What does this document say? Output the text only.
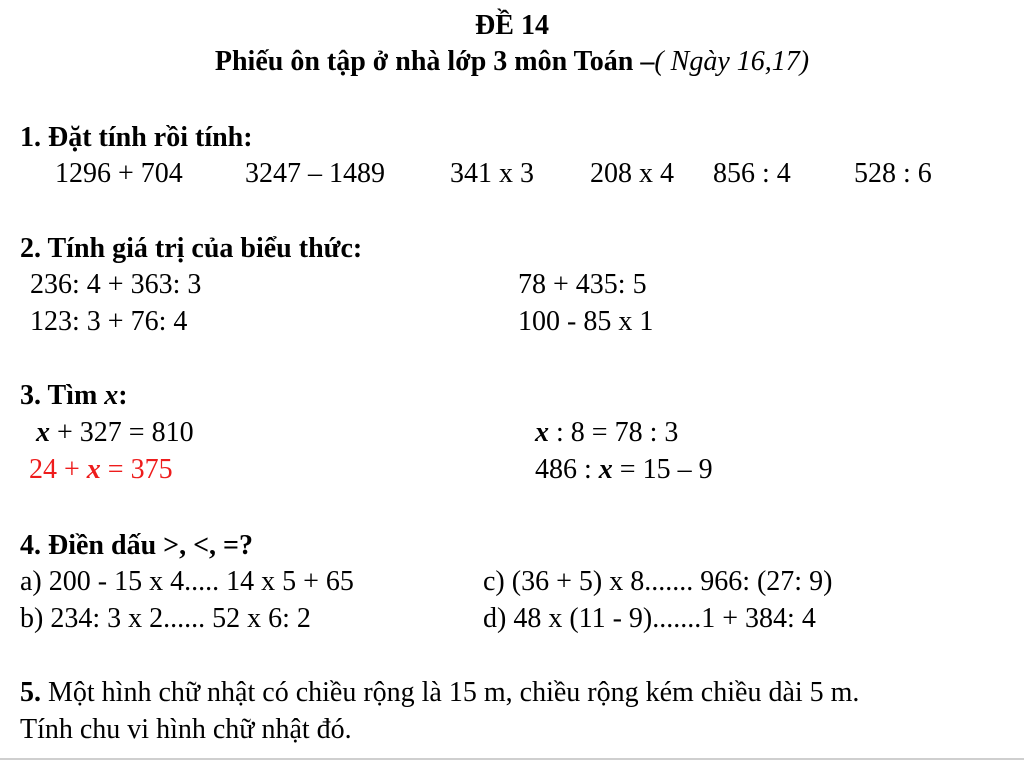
ĐỀ 14
Phiếu ôn tập ở nhà lớp 3 môn Toán –( Ngày 16,17)
1. Đặt tính rồi tính:
1296 + 704 3247 – 1489 341 x 3 208 x 4 856 : 4 528 : 6
2. Tính giá trị của biểu thức:
236: 4 + 363: 3
123: 3 + 76: 4
78 + 435: 5
100 - 85 x 1
3. Tìm x:
x + 327 = 810
24 + x = 375
x : 8 = 78 : 3
486 : x = 15 – 9
4. Điền dấu >, <, =?
a) 200 - 15 x 4..... 14 x 5 + 65
b) 234: 3 x 2...... 52 x 6: 2
c) (36 + 5) x 8....... 966: (27: 9)
d) 48 x (11 - 9).......1 + 384: 4
5. Một hình chữ nhật có chiều rộng là 15 m, chiều rộng kém chiều dài 5 m.
Tính chu vi hình chữ nhật đó.
